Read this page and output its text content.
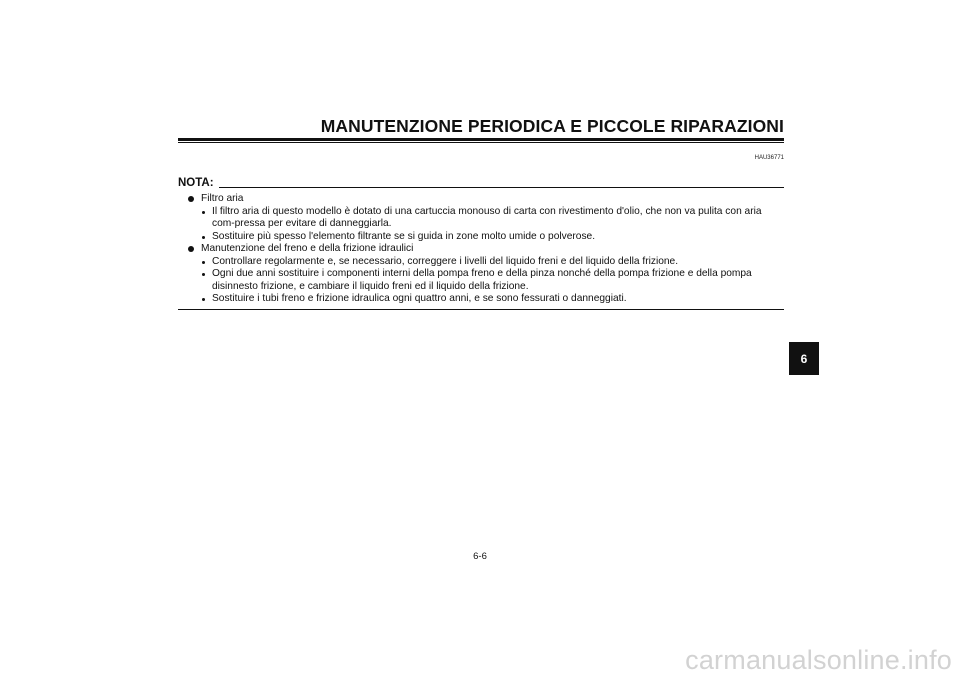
MANUTENZIONE PERIODICA E PICCOLE RIPARAZIONI
HAU36771
NOTA:
Filtro aria
Il filtro aria di questo modello è dotato di una cartuccia monouso di carta con rivestimento d'olio, che non va pulita con aria com-pressa per evitare di danneggiarla.
Sostituire più spesso l'elemento filtrante se si guida in zone molto umide o polverose.
Manutenzione del freno e della frizione idraulici
Controllare regolarmente e, se necessario, correggere i livelli del liquido freni e del liquido della frizione.
Ogni due anni sostituire i componenti interni della pompa freno e della pinza nonché della pompa frizione e della pompa disinnesto frizione, e cambiare il liquido freni ed il liquido della frizione.
Sostituire i tubi freno e frizione idraulica ogni quattro anni, e se sono fessurati o danneggiati.
6
6-6
carmanualsonline.info
